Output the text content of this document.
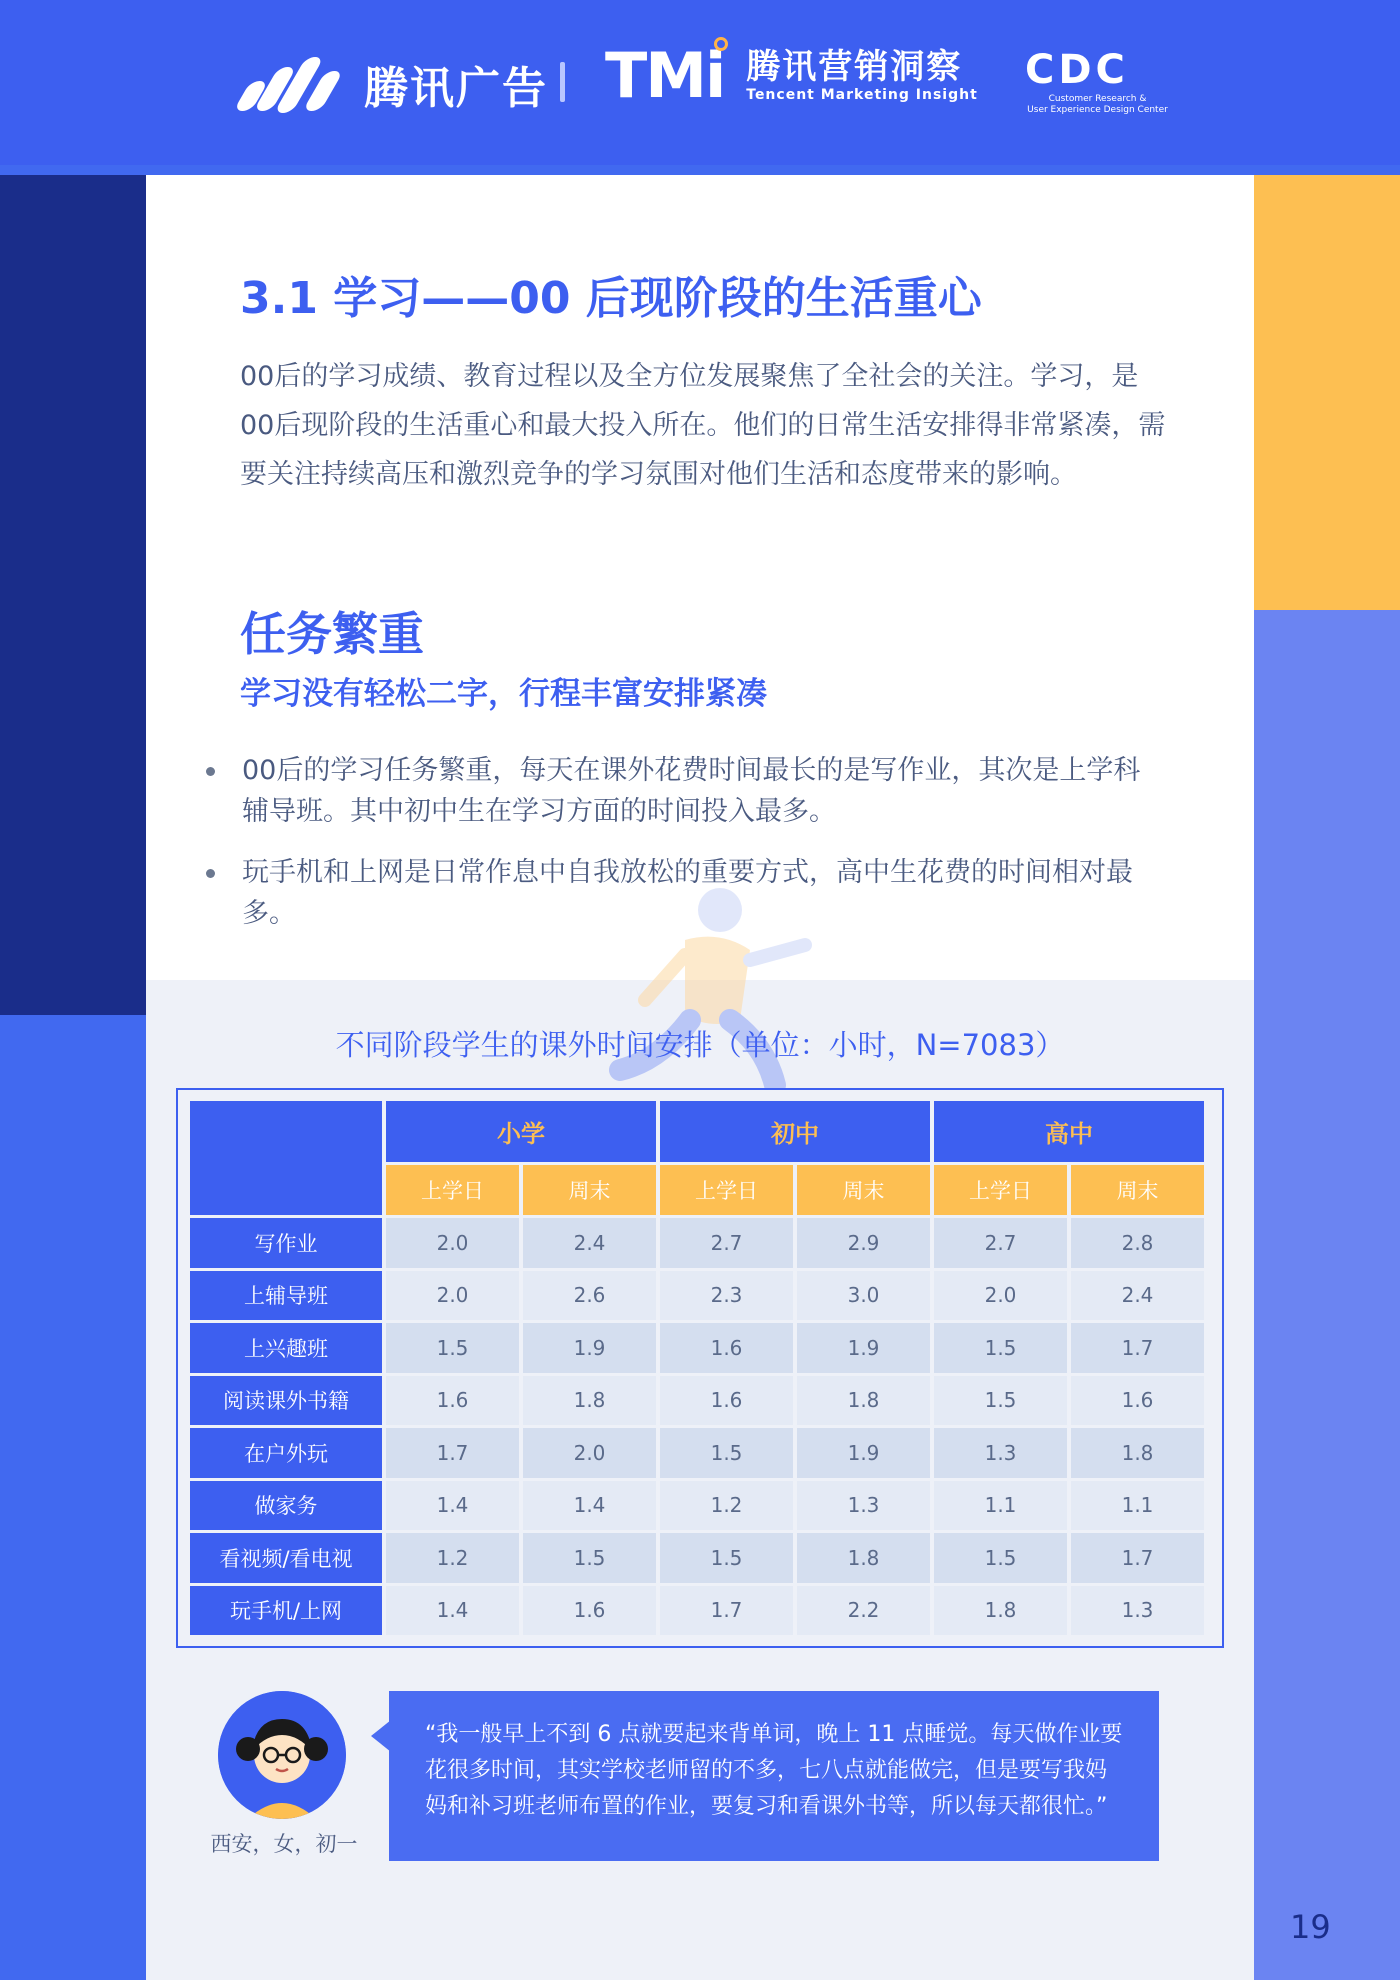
腾讯广告 TMi 腾讯营销洞察
Tencent Marketing Insight
CDC
Customer Research &
User Experience Design Center
3.1 学习——00 后现阶段的生活重心

00后的学习成绩、教育过程以及全方位发展聚焦了全社会的关注。学习，是00后现阶段的生活重心和最大投入所在。他们的日常生活安排得非常紧凑，需要关注持续高压和激烈竞争的学习氛围对他们生活和态度带来的影响。

任务繁重
学习没有轻松二字，行程丰富安排紧凑
00后的学习任务繁重，每天在课外花费时间最长的是写作业，其次是上学科辅导班。其中初中生在学习方面的时间投入最多。
玩手机和上网是日常作息中自我放松的重要方式，高中生花费的时间相对最多。
不同阶段学生的课外时间安排（单位：小时，N=7083）
	小学		初中		高中	
	上学日	周末	上学日	周末	上学日	周末
写作业	2.0	2.4	2.7	2.9	2.7	2.8
上辅导班	2.0	2.6	2.3	3.0	2.0	2.4
上兴趣班	1.5	1.9	1.6	1.9	1.5	1.7
阅读课外书籍	1.6	1.8	1.6	1.8	1.5	1.6
在户外玩	1.7	2.0	1.5	1.9	1.3	1.8
做家务	1.4	1.4	1.2	1.3	1.1	1.1
看视频/看电视	1.2	1.5	1.5	1.8	1.5	1.7
玩手机/上网	1.4	1.6	1.7	2.2	1.8	1.3
西安，女，初一

“我一般早上不到 6 点就要起来背单词，晚上 11 点睡觉。每天做作业要花很多时间，其实学校老师留的不多，七八点就能做完，但是要写我妈妈和补习班老师布置的作业，要复习和看课外书等，所以每天都很忙。”

19
